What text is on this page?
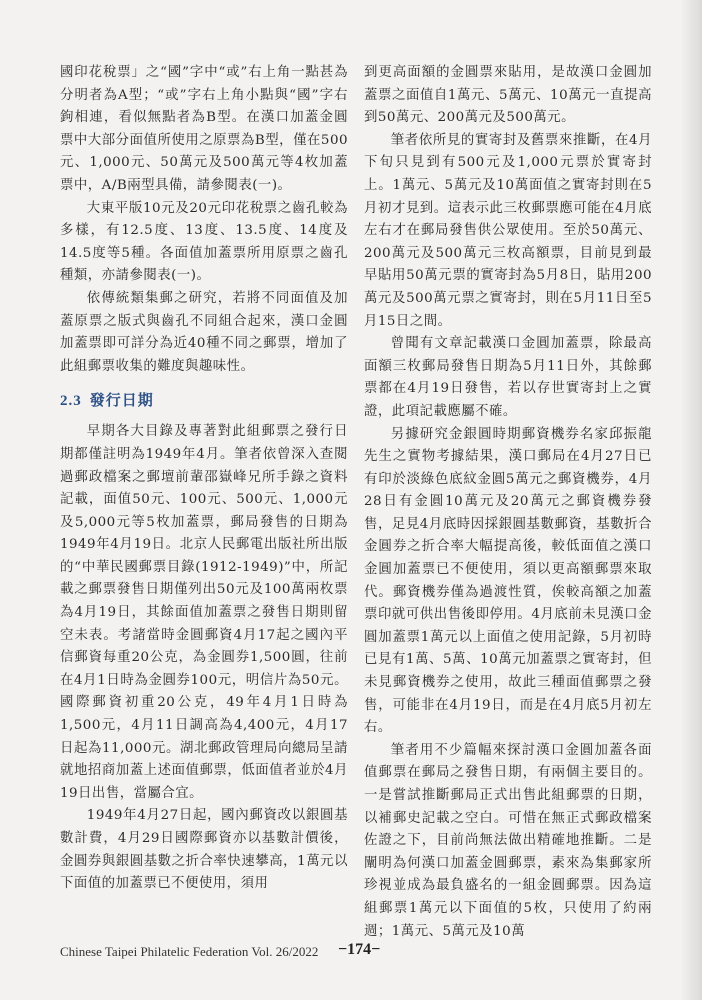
國印花稅票」之“國”字中“或”右上角一點甚為分明者為A型；“或”字右上角小點與“國”字右鉤相連，看似無點者為B型。在漢口加蓋金圓票中大部分面值所使用之原票為B型，僅在500元、1,000元、50萬元及500萬元等4枚加蓋票中，A/B兩型具備，請參閱表(一)。

大東平版10元及20元印花稅票之齒孔較為多樣，有12.5度、13度、13.5度、14度及14.5度等5種。各面值加蓋票所用原票之齒孔種類，亦請參閱表(一)。

依傳統類集郵之研究，若將不同面值及加蓋原票之版式與齒孔不同組合起來，漢口金圓加蓋票即可詳分為近40種不同之郵票，增加了此組郵票收集的難度與趣味性。

2.3 發行日期

早期各大目錄及專著對此組郵票之發行日期都僅註明為1949年4月。筆者依曾深入查閱過郵政檔案之郵壇前輩邵嶽峰兄所手錄之資料記載，面值50元、100元、500元、1,000元及5,000元等5枚加蓋票，郵局發售的日期為1949年4月19日。北京人民郵電出版社所出版的“中華民國郵票目錄(1912-1949)”中，所記載之郵票發售日期僅列出50元及100萬兩枚票為4月19日，其餘面值加蓋票之發售日期則留空未表。考諸當時金圓郵資4月17起之國內平信郵資每重20公克，為金圓券1,500圓，往前在4月1日時為金圓券100元，明信片為50元。國際郵資初重20公克，49年4月1日時為1,500元，4月11日調高為4,400元，4月17日起為11,000元。湖北郵政管理局向總局呈請就地招商加蓋上述面值郵票，低面值者並於4月19日出售，當屬合宜。

1949年4月27日起，國內郵資改以銀圓基數計費，4月29日國際郵資亦以基數計價後，金圓券與銀圓基數之折合率快速攀高，1萬元以下面值的加蓋票已不便使用，須用

到更高面額的金圓票來貼用，是故漢口金圓加蓋票之面值自1萬元、5萬元、10萬元一直提高到50萬元、200萬元及500萬元。

筆者依所見的實寄封及舊票來推斷，在4月下旬只見到有500元及1,000元票於實寄封上。1萬元、5萬元及10萬面值之實寄封則在5月初才見到。這表示此三枚郵票應可能在4月底左右才在郵局發售供公眾使用。至於50萬元、200萬元及500萬元三枚高額票，目前見到最早貼用50萬元票的實寄封為5月8日，貼用200萬元及500萬元票之實寄封，則在5月11日至5月15日之間。

曾聞有文章記載漢口金圓加蓋票，除最高面額三枚郵局發售日期為5月11日外，其餘郵票都在4月19日發售，若以存世實寄封上之實證，此項記載應屬不確。

另據研究金銀圓時期郵資機券名家邱振龍先生之實物考據結果，漢口郵局在4月27日已有印於淡綠色底紋金圓5萬元之郵資機券，4月28日有金圓10萬元及20萬元之郵資機券發售，足見4月底時因採銀圓基數郵資，基數折合金圓券之折合率大幅提高後，較低面值之漢口金圓加蓋票已不便使用，須以更高額郵票來取代。郵資機券僅為過渡性質，俟較高額之加蓋票印就可供出售後即停用。4月底前未見漢口金圓加蓋票1萬元以上面值之使用記錄，5月初時已見有1萬、5萬、10萬元加蓋票之實寄封，但未見郵資機券之使用，故此三種面值郵票之發售，可能非在4月19日，而是在4月底5月初左右。

筆者用不少篇幅來探討漢口金圓加蓋各面值郵票在郵局之發售日期，有兩個主要目的。一是嘗試推斷郵局正式出售此組郵票的日期，以補郵史記載之空白。可惜在無正式郵政檔案佐證之下，目前尚無法做出精確地推斷。二是闡明為何漢口加蓋金圓郵票，素來為集郵家所珍視並成為最負盛名的一組金圓郵票。因為這組郵票1萬元以下面值的5枚，只使用了約兩週；1萬元、5萬元及10萬

Chinese Taipei Philatelic Federation Vol. 26/2022 −174−
